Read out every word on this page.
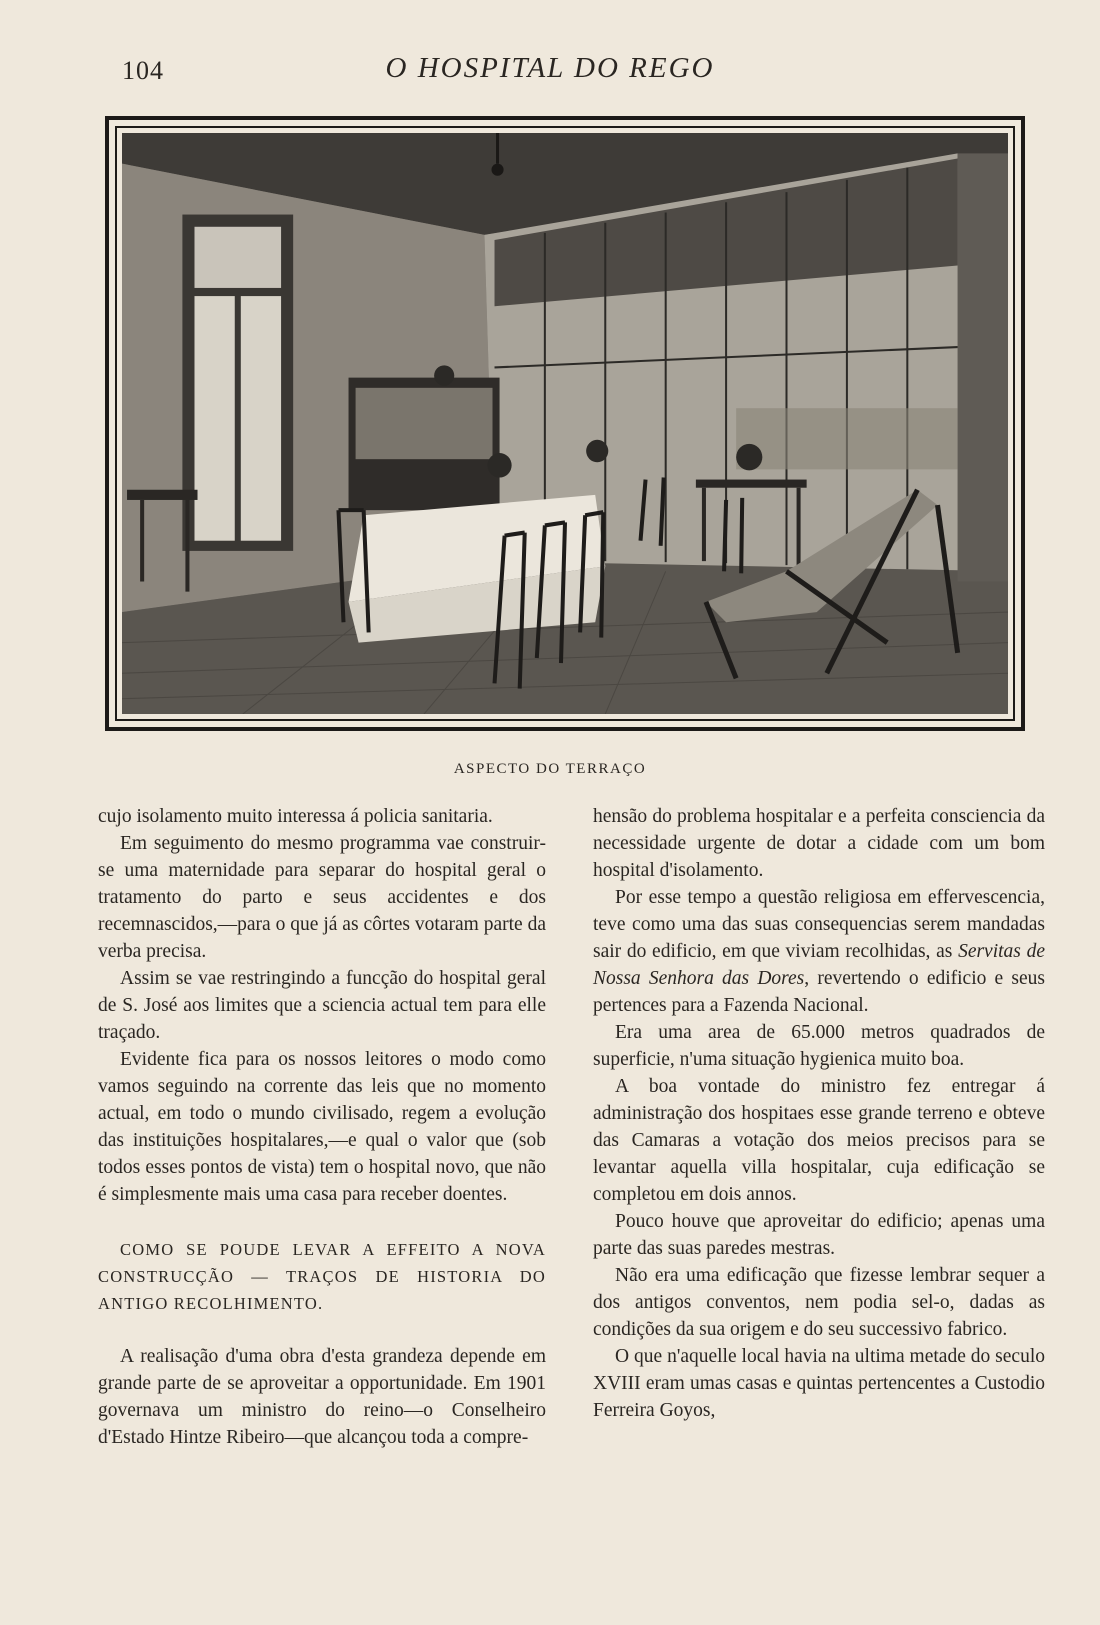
104	O HOSPITAL DO REGO
ASPECTO DO TERRAÇO

cujo isolamento muito interessa á policia sanitaria.

Em seguimento do mesmo programma vae construir-se uma maternidade para separar do hospital geral o tratamento do parto e seus accidentes e dos recemnascidos,—para o que já as côrtes votaram parte da verba precisa.

Assim se vae restringindo a funcção do hospital geral de S. José aos limites que a sciencia actual tem para elle traçado.

Evidente fica para os nossos leitores o modo como vamos seguindo na corrente das leis que no momento actual, em todo o mundo civilisado, regem a evolução das instituições hospitalares,—e qual o valor que (sob todos esses pontos de vista) tem o hospital novo, que não é simplesmente mais uma casa para receber doentes.

COMO SE POUDE LEVAR A EFFEITO A NOVA CONSTRUCÇÃO — TRAÇOS DE HISTORIA DO ANTIGO RECOLHIMENTO.

A realisação d'uma obra d'esta grandeza depende em grande parte de se aproveitar a opportunidade. Em 1901 governava um ministro do reino—o Conselheiro d'Estado Hintze Ribeiro—que alcançou toda a compre-

hensão do problema hospitalar e a perfeita consciencia da necessidade urgente de dotar a cidade com um bom hospital d'isolamento.

Por esse tempo a questão religiosa em effervescencia, teve como uma das suas consequencias serem mandadas sair do edificio, em que viviam recolhidas, as Servitas de Nossa Senhora das Dores, revertendo o edificio e seus pertences para a Fazenda Nacional.

Era uma area de 65.000 metros quadrados de superficie, n'uma situação hygienica muito boa.

A boa vontade do ministro fez entregar á administração dos hospitaes esse grande terreno e obteve das Camaras a votação dos meios precisos para se levantar aquella villa hospitalar, cuja edificação se completou em dois annos.

Pouco houve que aproveitar do edificio; apenas uma parte das suas paredes mestras.

Não era uma edificação que fizesse lembrar sequer a dos antigos conventos, nem podia sel-o, dadas as condições da sua origem e do seu successivo fabrico.

O que n'aquelle local havia na ultima metade do seculo XVIII eram umas casas e quintas pertencentes a Custodio Ferreira Goyos,
